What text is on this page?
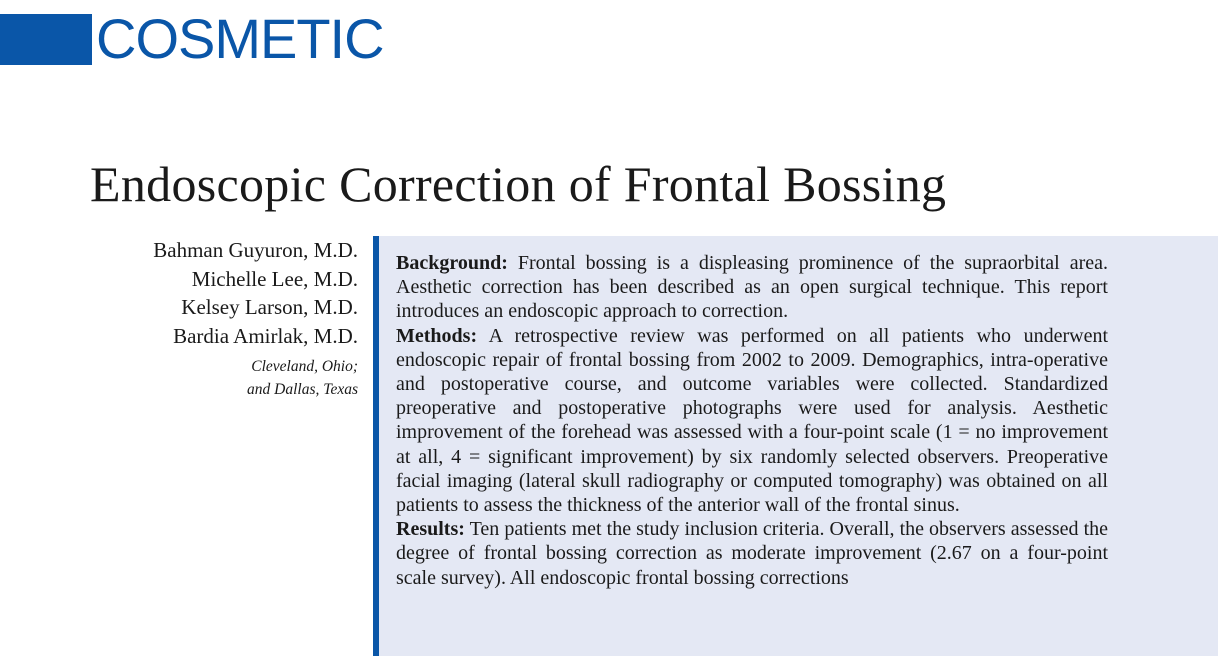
COSMETIC
Endoscopic Correction of Frontal Bossing
Bahman Guyuron, M.D.
Michelle Lee, M.D.
Kelsey Larson, M.D.
Bardia Amirlak, M.D.
Cleveland, Ohio;
and Dallas, Texas

Background: Frontal bossing is a displeasing prominence of the supraorbital area. Aesthetic correction has been described as an open surgical technique. This report introduces an endoscopic approach to correction.

Methods: A retrospective review was performed on all patients who underwent endoscopic repair of frontal bossing from 2002 to 2009. Demographics, intra-operative and postoperative course, and outcome variables were collected. Standardized preoperative and postoperative photographs were used for analysis. Aesthetic improvement of the forehead was assessed with a four-point scale (1 = no improvement at all, 4 = significant improvement) by six randomly selected observers. Preoperative facial imaging (lateral skull radiography or computed tomography) was obtained on all patients to assess the thickness of the anterior wall of the frontal sinus.

Results: Ten patients met the study inclusion criteria. Overall, the observers assessed the degree of frontal bossing correction as moderate improvement (2.67 on a four-point scale survey). All endoscopic frontal bossing corrections
